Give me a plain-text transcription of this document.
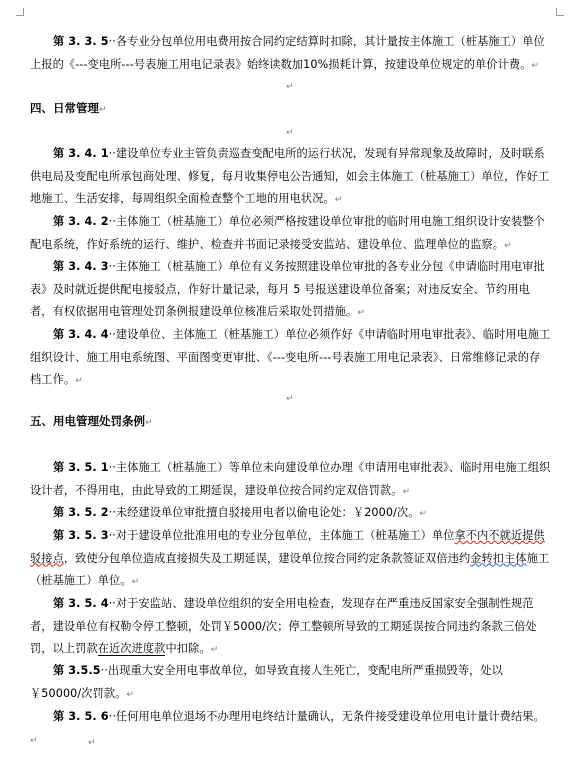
第 3. 3. 5··各专业分包单位用电费用按合同约定结算时扣除，其计量按主体施工（桩基施工）单位上报的《---变电所---号表施工用电记录表》始终读数加10%损耗计算，按建设单位规定的单价计费。↵

↵

四、日常管理↵

↵

第 3. 4. 1··建设单位专业主管负责巡查变配电所的运行状况，发现有异常现象及故障时，及时联系供电局及变配电所承包商处理、修复，每月收集停电公告通知，如会主体施工（桩基施工）单位，作好工地施工、生活安排，每周组织全面检查整个工地的用电状况。↵

第 3. 4. 2··主体施工（桩基施工）单位必须严格按建设单位审批的临时用电施工组织设计安装整个配电系统，作好系统的运行、维护、检查并书面记录接受安监站、建设单位、监理单位的监察。↵

第 3. 4. 3··主体施工（桩基施工）单位有义务按照建设单位审批的各专业分包《申请临时用电审批表》及时就近提供配电接驳点，作好计量记录，每月 5 号报送建设单位备案；对违反安全、节约用电者，有权依据用电管理处罚条例报建设单位核准后采取处罚措施。↵

第 3. 4. 4··建设单位、主体施工（桩基施工）单位必须作好《申请临时用电审批表》、临时用电施工组织设计、施工用电系统图、平面图变更审批、《---变电所---号表施工用电记录表》、日常维修记录的存档工作。↵

↵

五、用电管理处罚条例↵

第 3. 5. 1··主体施工（桩基施工）等单位未向建设单位办理《申请用电审批表》、临时用电施工组织设计者，不得用电，由此导致的工期延误，建设单位按合同约定双倍罚款。↵

第 3. 5. 2··未经建设单位审批擅自驳接用电者以偷电论处：￥2000/次。↵

第 3. 5. 3··对于建设单位批准用电的专业分包单位，主体施工（桩基施工）单位拿不内不就近提供驳接点，致使分包单位造成直接损失及工期延误，建设单位按合同约定条款签证双倍违约金转扣主体施工（桩基施工）单位。↵

第 3. 5. 4··对于安监站、建设单位组织的安全用电检查，发现存在严重违反国家安全强制性规范者，建设单位有权勒令停工整顿，处罚￥5000/次；停工整顿所导致的工期延误按合同违约条款三倍处罚，以上罚款在近次进度款中扣除。↵

第 3.5.5··出现重大安全用电事故单位，如导致直接人生死亡，变配电所严重损毁等，处以￥50000/次罚款。↵

第 3. 5. 6··任何用电单位退场不办理用电终结计量确认，无条件接受建设单位用电计量计费结果。↵	↵
